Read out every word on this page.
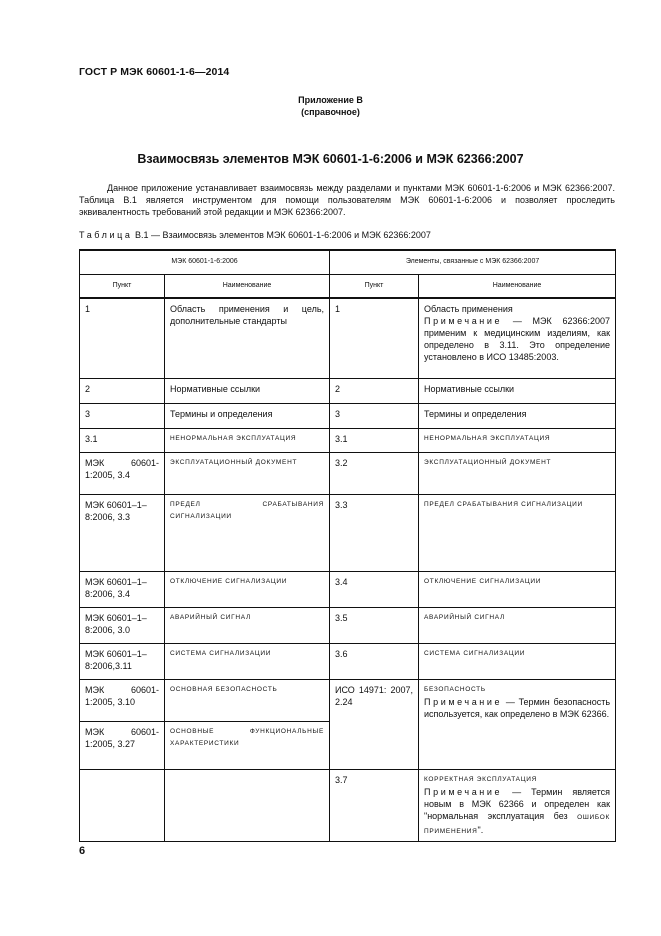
ГОСТ Р МЭК 60601-1-6—2014
Приложение В
(справочное)
Взаимосвязь элементов МЭК 60601-1-6:2006 и МЭК 62366:2007
Данное приложение устанавливает взаимосвязь между разделами и пунктами МЭК 60601-1-6:2006 и МЭК 62366:2007. Таблица В.1 является инструментом для помощи пользователям МЭК 60601-1-6:2006 и позволяет проследить эквивалентность требований этой редакции и МЭК 62366:2007.
Таблица В.1 — Взаимосвязь элементов МЭК 60601-1-6:2006 и МЭК 62366:2007
МЭК 60601-1-6:2006		Элементы, связанные с МЭК 62366:2007	
Пункт	Наименование	Пункт	Наименование
1	Область применения и цель, дополнительные стандарты	1	Область применения
Примечание — МЭК 62366:2007 применим к медицинским изделиям, как определено в 3.11. Это определение установлено в ИСО 13485:2003.

2	Нормативные ссылки	2	Нормативные ссылки
3	Термины и определения	3	Термины и определения
3.1	НЕНОРМАЛЬНАЯ ЭКСПЛУАТАЦИЯ	3.1	НЕНОРМАЛЬНАЯ ЭКСПЛУАТАЦИЯ
МЭК 60601-1:2005, 3.4	ЭКСПЛУАТАЦИОННЫЙ ДОКУМЕНТ	3.2	ЭКСПЛУАТАЦИОННЫЙ ДОКУМЕНТ
МЭК 60601–1–8:2006, 3.3	ПРЕДЕЛ СРАБАТЫВАНИЯ СИГНАЛИЗАЦИИ	3.3	ПРЕДЕЛ СРАБАТЫВАНИЯ СИГНАЛИЗАЦИИ
МЭК 60601–1–8:2006, 3.4	ОТКЛЮЧЕНИЕ СИГНАЛИЗАЦИИ	3.4	ОТКЛЮЧЕНИЕ СИГНАЛИЗАЦИИ
МЭК 60601–1–8:2006, 3.0	АВАРИЙНЫЙ СИГНАЛ	3.5	АВАРИЙНЫЙ СИГНАЛ
МЭК 60601–1–8:2006,3.11	СИСТЕМА СИГНАЛИЗАЦИИ	3.6	СИСТЕМА СИГНАЛИЗАЦИИ
МЭК 60601-1:2005, 3.10	ОСНОВНАЯ БЕЗОПАСНОСТЬ	ИСО 14971: 2007, 2.24	БЕЗОПАСНОСТЬ
Примечание — Термин безопасность используется, как определено в МЭК 62366.

МЭК 60601-1:2005, 3.27	ОСНОВНЫЕ ФУНКЦИОНАЛЬНЫЕ ХАРАКТЕРИСТИКИ		
		3.7	КОРРЕКТНАЯ ЭКСПЛУАТАЦИЯ
Примечание — Термин является новым в МЭК 62366 и определен как "нормальная эксплуатация без ОШИБОК ПРИМЕНЕНИЯ".
6
